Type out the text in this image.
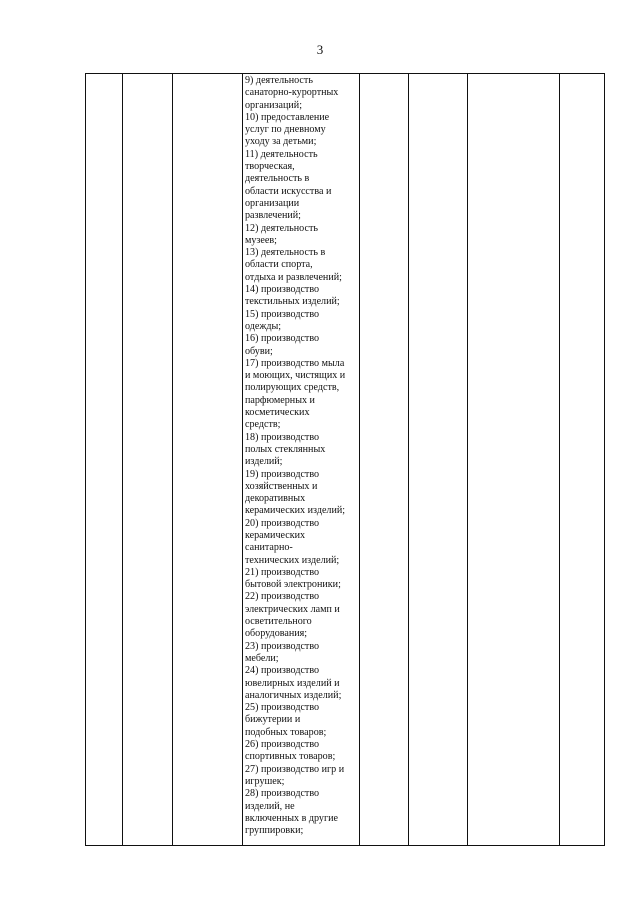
3
9) деятельность
санаторно-курортных
организаций;
10) предоставление
услуг по дневному
уходу за детьми;
11) деятельность
творческая,
деятельность в
области искусства и
организации
развлечений;
12) деятельность
музеев;
13) деятельность в
области спорта,
отдыха и развлечений;
14) производство
текстильных изделий;
15) производство
одежды;
16) производство
обуви;
17) производство мыла
и моющих, чистящих и
полирующих средств,
парфюмерных и
косметических
средств;
18) производство
полых стеклянных
изделий;
19) производство
хозяйственных и
декоративных
керамических изделий;
20) производство
керамических
санитарно-
технических изделий;
21) производство
бытовой электроники;
22) производство
электрических ламп и
осветительного
оборудования;
23) производство
мебели;
24) производство
ювелирных изделий и
аналогичных изделий;
25) производство
бижутерии и
подобных товаров;
26) производство
спортивных товаров;
27) производство игр и
игрушек;
28) производство
изделий, не
включенных в другие
группировки;
